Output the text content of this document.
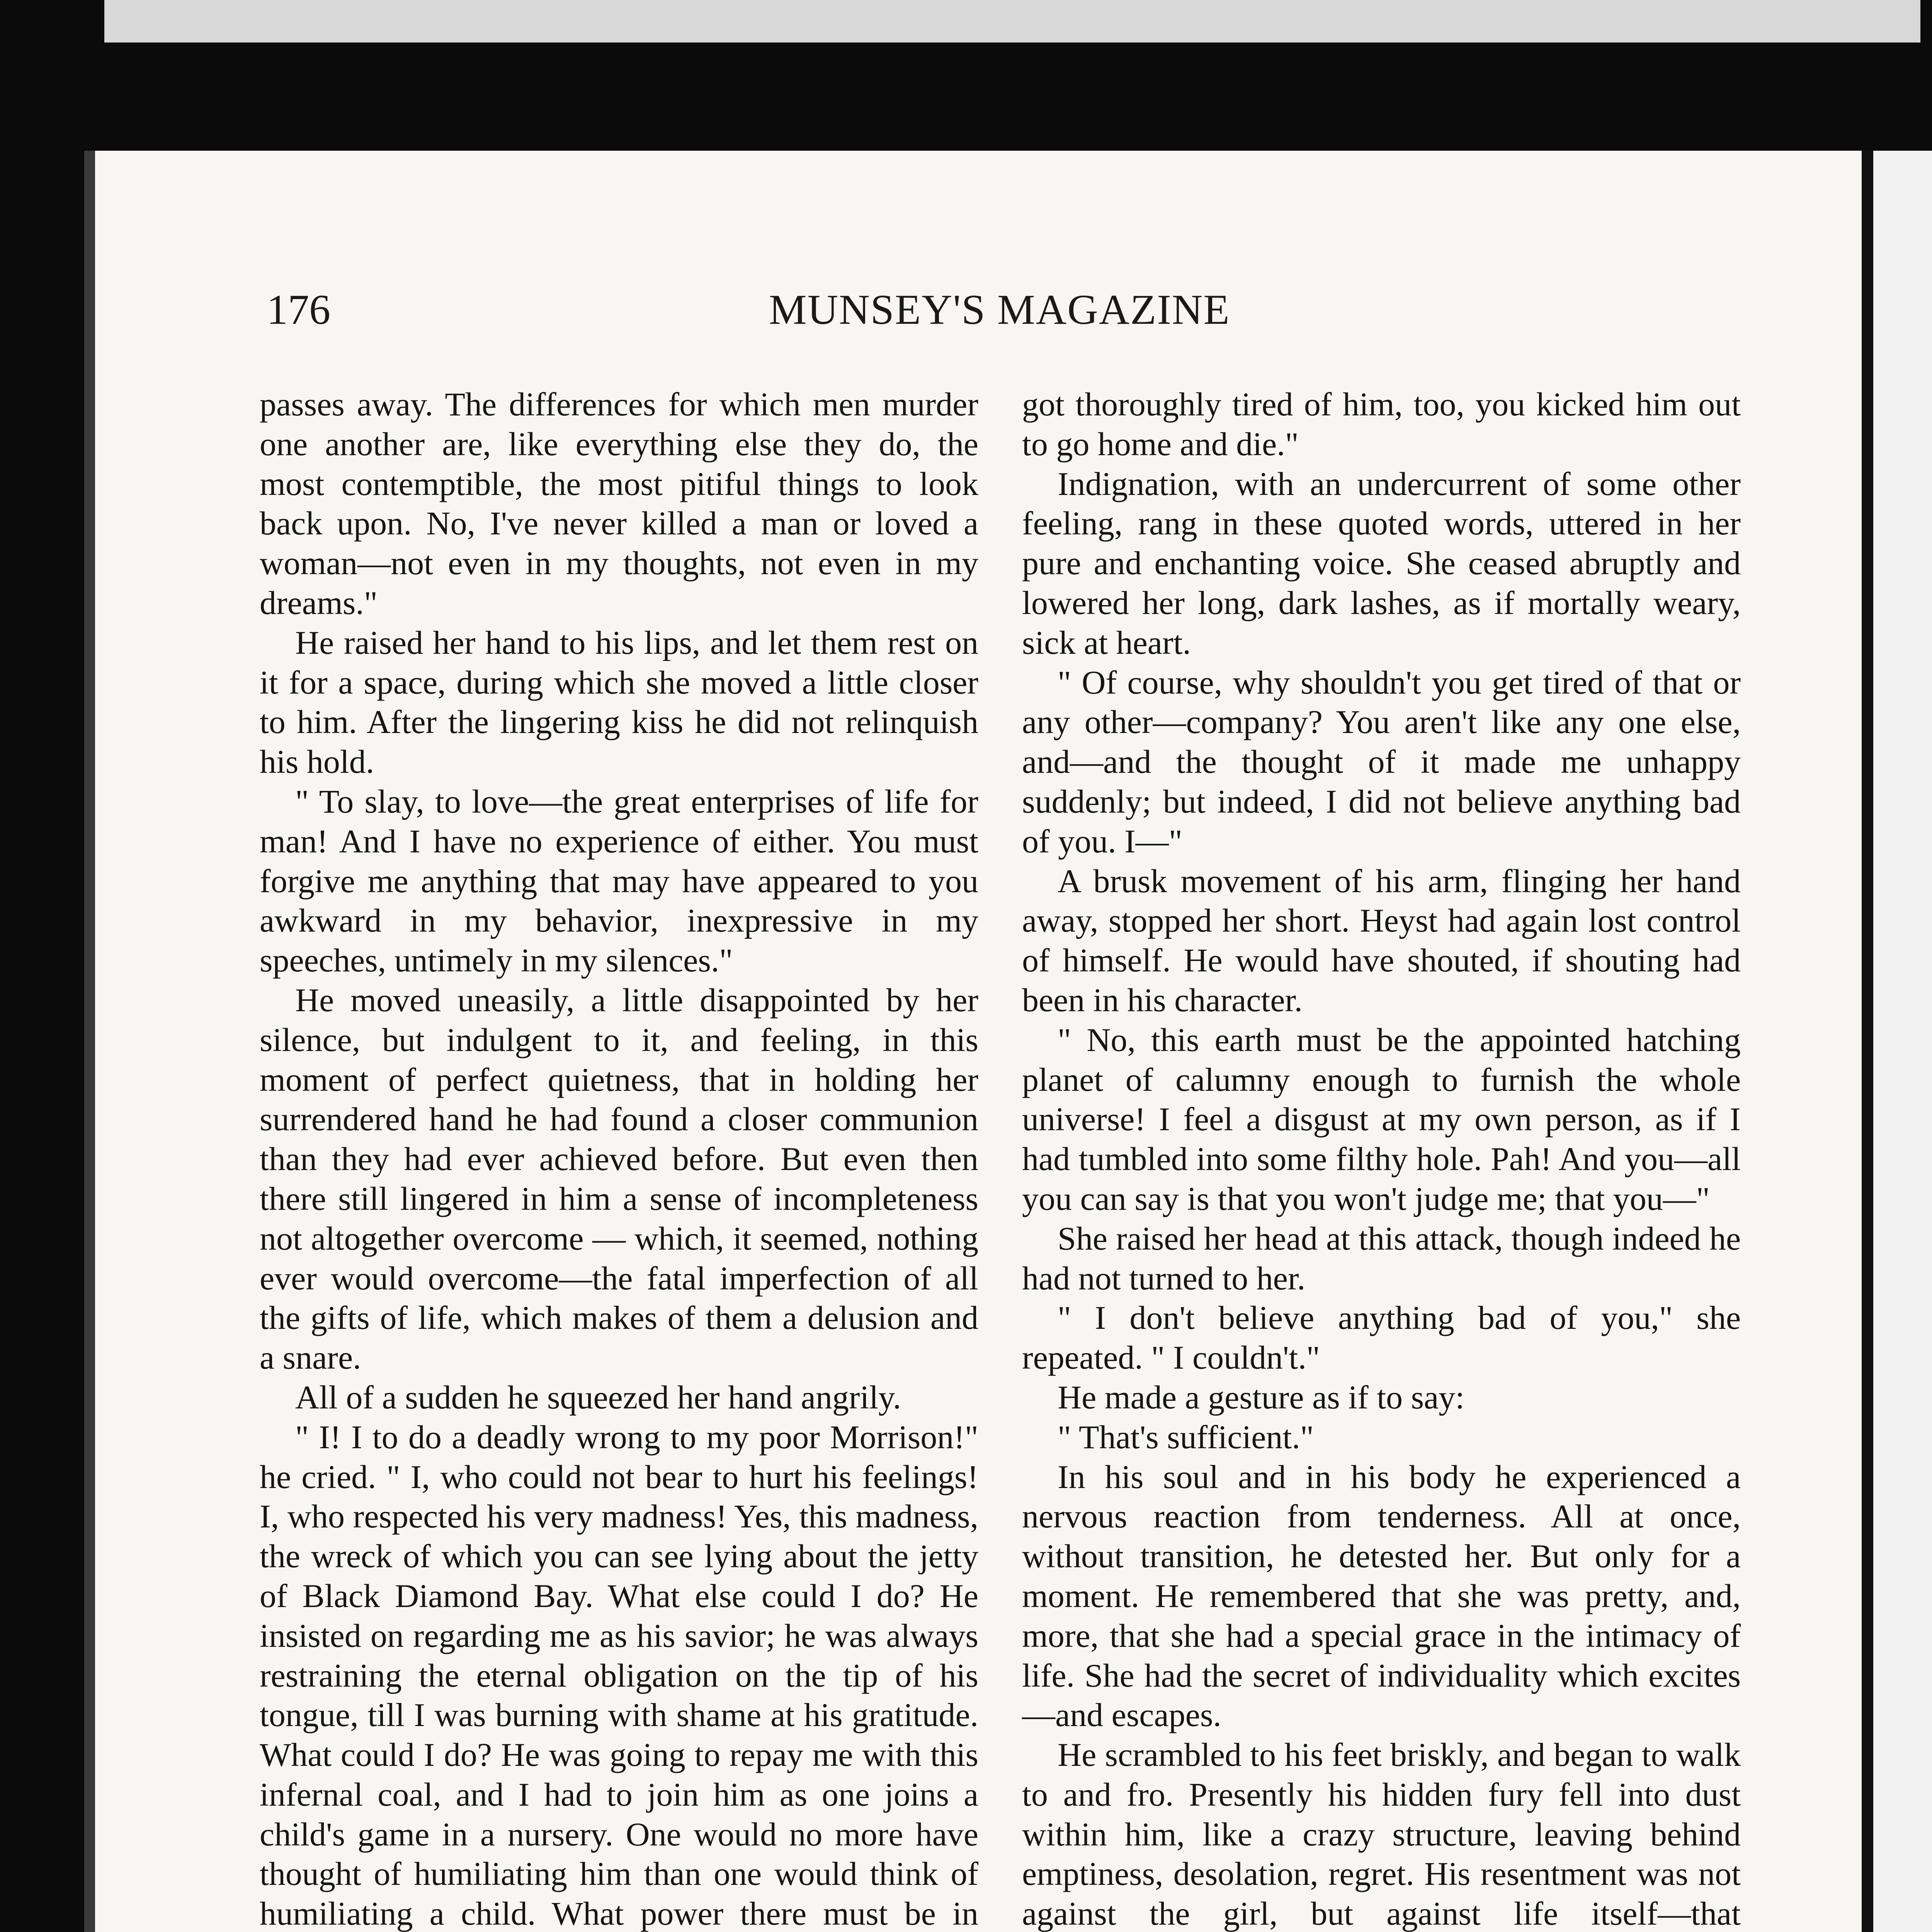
176	MUNSEY'S MAGAZINE

passes away. The differences for which men murder one another are, like everything else they do, the most contemptible, the most pitiful things to look back upon. No, I've never killed a man or loved a woman—not even in my thoughts, not even in my dreams."

He raised her hand to his lips, and let them rest on it for a space, during which she moved a little closer to him. After the lingering kiss he did not relinquish his hold.

" To slay, to love—the great enterprises of life for man! And I have no experience of either. You must forgive me anything that may have appeared to you awkward in my behavior, inexpressive in my speeches, untimely in my silences."

He moved uneasily, a little disappointed by her silence, but indulgent to it, and feeling, in this moment of perfect quietness, that in holding her surrendered hand he had found a closer communion than they had ever achieved before. But even then there still lingered in him a sense of incompleteness not altogether overcome — which, it seemed, nothing ever would overcome—the fatal imperfection of all the gifts of life, which makes of them a delusion and a snare.

All of a sudden he squeezed her hand angrily.

" I! I to do a deadly wrong to my poor Morrison!" he cried. " I, who could not bear to hurt his feelings! I, who respected his very madness! Yes, this madness, the wreck of which you can see lying about the jetty of Black Diamond Bay. What else could I do? He insisted on regarding me as his savior; he was always restraining the eternal obligation on the tip of his tongue, till I was burning with shame at his gratitude. What could I do? He was going to repay me with this infernal coal, and I had to join him as one joins a child's game in a nursery. One would no more have thought of humiliating him than one would think of humiliating a child. What power there must be in

got thoroughly tired of him, too, you kicked him out to go home and die."

Indignation, with an undercurrent of some other feeling, rang in these quoted words, uttered in her pure and enchanting voice. She ceased abruptly and lowered her long, dark lashes, as if mortally weary, sick at heart.

" Of course, why shouldn't you get tired of that or any other—company? You aren't like any one else, and—and the thought of it made me unhappy suddenly; but indeed, I did not believe anything bad of you. I—"

A brusk movement of his arm, flinging her hand away, stopped her short. Heyst had again lost control of himself. He would have shouted, if shouting had been in his character.

" No, this earth must be the appointed hatching planet of calumny enough to furnish the whole universe! I feel a disgust at my own person, as if I had tumbled into some filthy hole. Pah! And you—all you can say is that you won't judge me; that you—"

She raised her head at this attack, though indeed he had not turned to her.

" I don't believe anything bad of you," she repeated. " I couldn't."

He made a gesture as if to say:

" That's sufficient."

In his soul and in his body he experienced a nervous reaction from tenderness. All at once, without transition, he detested her. But only for a moment. He remembered that she was pretty, and, more, that she had a special grace in the intimacy of life. She had the secret of individuality which excites—and escapes.

He scrambled to his feet briskly, and began to walk to and fro. Presently his hidden fury fell into dust within him, like a crazy structure, leaving behind emptiness, desolation, regret. His resentment was not against the girl, but against life itself—that
